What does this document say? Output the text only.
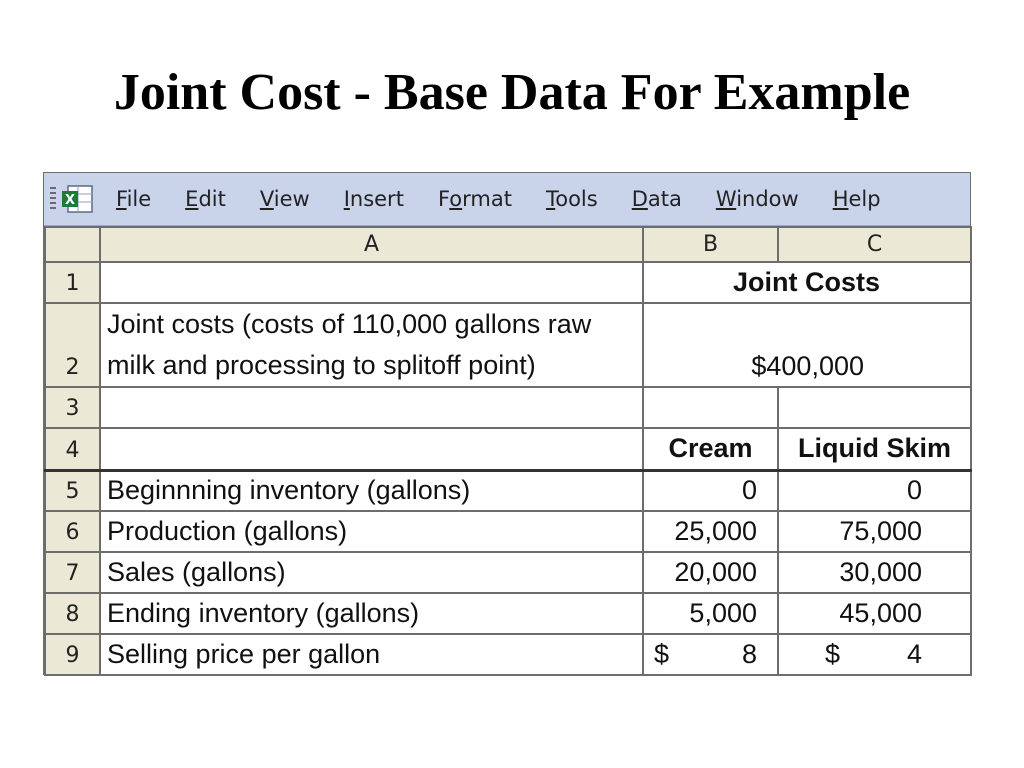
Joint Cost - Base Data For Example
X File Edit View Insert Format Tools Data Window Help
	A	B	C
1		Joint Costs	
2	Joint costs (costs of 110,000 gallons raw milk and processing to splitoff point)	$400,000	
3			
4		Cream	Liquid Skim
5	Beginnning inventory (gallons)	0	0
6	Production (gallons)	25,000	75,000
7	Sales (gallons)	20,000	30,000
8	Ending inventory (gallons)	5,000	45,000
9	Selling price per gallon	$ 8	$ 4
